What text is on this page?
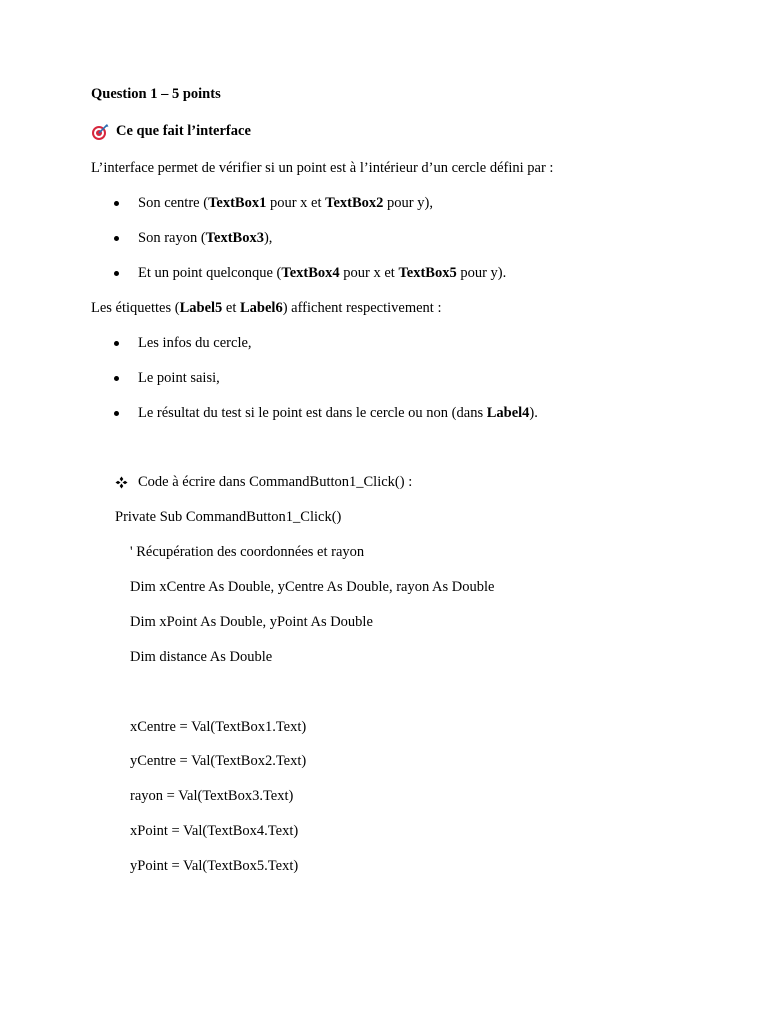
Question 1 – 5 points
Ce que fait l’interface
L’interface permet de vérifier si un point est à l’intérieur d’un cercle défini par :
Son centre (TextBox1 pour x et TextBox2 pour y),
Son rayon (TextBox3),
Et un point quelconque (TextBox4 pour x et TextBox5 pour y).
Les étiquettes (Label5 et Label6) affichent respectivement :
Les infos du cercle,
Le point saisi,
Le résultat du test si le point est dans le cercle ou non (dans Label4).
Code à écrire dans CommandButton1_Click() :
Private Sub CommandButton1_Click()
' Récupération des coordonnées et rayon
Dim xCentre As Double, yCentre As Double, rayon As Double
Dim xPoint As Double, yPoint As Double
Dim distance As Double
xCentre = Val(TextBox1.Text)
yCentre = Val(TextBox2.Text)
rayon = Val(TextBox3.Text)
xPoint = Val(TextBox4.Text)
yPoint = Val(TextBox5.Text)
